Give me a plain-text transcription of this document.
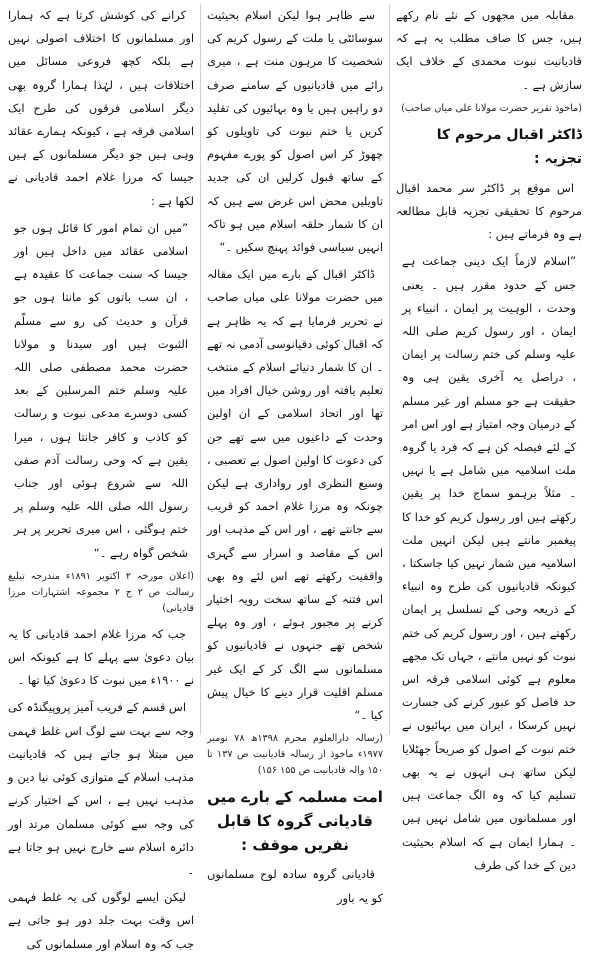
مقابلہ میں مجھوں کے نئے نام رکھے ہیں، جس کا صاف مطلب یہ ہے کہ قادیانیت نبوت محمدی کے خلاف ایک سازش ہے ۔

(ماخوذ تقریر حضرت مولانا علی میاں صاحب)

ڈاکٹر اقبال مرحوم کا تجزیہ :

اس موقع پر ڈاکٹر سر محمد اقبال مرحوم کا تحقیقی تجزیہ قابل مطالعہ ہے وہ فرماتے ہیں :

”اسلام لازماً ایک دینی جماعت ہے جس کے حدود مقرر ہیں ۔ یعنی وحدت ، الوہیت پر ایمان ، انبیاء پر ایمان ، اور رسول کریم صلی اللہ علیہ وسلم کی ختم رسالت پر ایمان ، دراصل یہ آخری یقین ہی وہ حقیقت ہے جو مسلم اور غیر مسلم کے درمیان وجہ امتیاز ہے اور اس امر کے لئے فیصلہ کن ہے کہ فرد یا گروہ ملت اسلامیہ میں شامل ہے یا نہیں ۔ مثلاً برہمو سماج خدا پر یقین رکھتے ہیں اور رسول کریم کو خدا کا پیغمبر مانتے ہیں لیکن انہیں ملت اسلامیہ میں شمار نہیں کیا جاسکتا ، کیونکہ قادیانیوں کی طرح وہ انبیاء کے ذریعہ وحی کے تسلسل پر ایمان رکھتے ہیں ، اور رسول کریم کی ختم نبوت کو نہیں مانتے ، جہاں تک مجھے معلوم ہے کوئی اسلامی فرقہ اس حد فاصل کو عبور کرنے کی جسارت نہیں کرسکا ، ایران میں بہائیوں نے ختم نبوت کے اصول کو صریحاً جھٹلایا لیکن ساتھ ہی انہوں نے یہ بھی تسلیم کیا کہ وہ الگ جماعت ہیں اور مسلمانوں میں شامل نہیں ہیں ۔ ہمارا ایمان ہے کہ اسلام بحیثیت دین کے خدا کی طرف

سے ظاہر ہوا لیکن اسلام بحیثیت سوسائٹی یا ملت کے رسول کریم کی شخصیت کا مرہون منت ہے ، میری رائے میں قادیانیوں کے سامنے صرف دو راہیں ہیں یا وہ بہائیوں کی تقلید کریں یا ختم نبوت کی تاویلوں کو چھوڑ کر اس اصول کو پورے مفہوم کے ساتھ قبول کرلیں ان کی جدید تاویلیں محض اس غرض سے ہیں کہ ان کا شمار حلقہ اسلام میں ہو تاکہ انہیں سیاسی فوائد پہنچ سکیں ۔“

ڈاکٹر اقبال کے بارے میں ایک مقالہ میں حضرت مولانا علی میاں صاحب نے تحریر فرمایا ہے کہ یہ ظاہر ہے کہ اقبال کوئی دقیانوسی آدمی نہ تھے ۔ ان کا شمار دنیائے اسلام کے منتخب تعلیم یافتہ اور روشن خیال افراد میں تھا اور اتحاد اسلامی کے ان اولین وحدت کے داعیوں میں سے تھے جن کی دعوت کا اولین اصول بے تعصبی ، وسیع النظری اور رواداری ہے لیکن چونکہ وہ مرزا غلام احمد کو قریب سے جانتے تھے ، اور اس کے مذہب اور اس کے مقاصد و اسرار سے گہری واقفیت رکھتے تھے اس لئے وہ بھی اس فتنہ کے ساتھ سخت رویہ اختیار کرنے پر مجبور ہوئے ، اور وہ پہلے شخص تھے جنہوں نے قادیانیوں کو مسلمانوں سے الگ کر کے ایک غیر مسلم اقلیت قرار دینے کا خیال پیش کیا ۔“

(رسالہ دارالعلوم محرم ۱۳۹۸ھ ۷۸ نومبر ۱۹۷۷ء ماخوذ از رسالہ قادیانیت ص ۱۳۷ تا ۱۵۰ والہ قادیانیت ص ۱۵۵ ۱۵۶)

امت مسلمہ کے بارے میں قادیانی گروہ کا قابل نفریں موقف :

قادیانی گروہ سادہ لوح مسلمانوں کو یہ باور

کرانے کی کوشش کرتا ہے کہ ہمارا اور مسلمانوں کا اختلاف اصولی نہیں ہے بلکہ کچھ فروعی مسائل میں اختلافات ہیں ، لہٰذا ہمارا گروہ بھی دیگر اسلامی فرقوں کی طرح ایک اسلامی فرقہ ہے ، کیونکہ ہمارے عقائد وہی ہیں جو دیگر مسلمانوں کے ہیں جیسا کہ مرزا غلام احمد قادیانی نے لکھا ہے :

”میں ان تمام امور کا قائل ہوں جو اسلامی عقائد میں داخل ہیں اور جیسا کہ سنت جماعت کا عقیدہ ہے ، ان سب باتوں کو مانتا ہوں جو قرآن و حدیث کی رو سے مسلّم الثبوت ہیں اور سیدنا و مولانا حضرت محمد مصطفی صلی اللہ علیہ وسلم ختم المرسلین کے بعد کسی دوسرے مدعی نبوت و رسالت کو کاذب و کافر جانتا ہوں ، میرا یقین ہے کہ وحی رسالت آدم صفی اللہ سے شروع ہوئی اور جناب رسول اللہ صلی اللہ علیہ وسلم پر ختم ہوگئی ، اس میری تحریر پر ہر شخص گواہ رہے ۔“

(اعلان مورخہ ۲ اکتوبر ۱۸۹۱ء مندرجہ تبلیغ رسالت ص ۲ ج ۲ مجموعہ اشتہارات مرزا قادیانی)

جب کہ مرزا غلام احمد قادیانی کا یہ بیان دعویٰ سے پہلے کا ہے کیونکہ اس نے ۱۹۰۰ء میں نبوت کا دعویٰ کیا تھا ۔

اس قسم کے فریب آمیز پروپیگنڈہ کی وجہ سے بہت سے لوگ اس غلط فہمی میں مبتلا ہو جاتے ہیں کہ قادیانیت مذہب اسلام کے متوازی کوئی نیا دین و مذہب نہیں ہے ، اس کے اختیار کرنے کی وجہ سے کوئی مسلمان مرتد اور دائرہ اسلام سے خارج نہیں ہو جاتا ہے ۔

لیکن ایسے لوگوں کی یہ غلط فہمی اس وقت بہت جلد دور ہو جاتی ہے جب کہ وہ اسلام اور مسلمانوں کی
